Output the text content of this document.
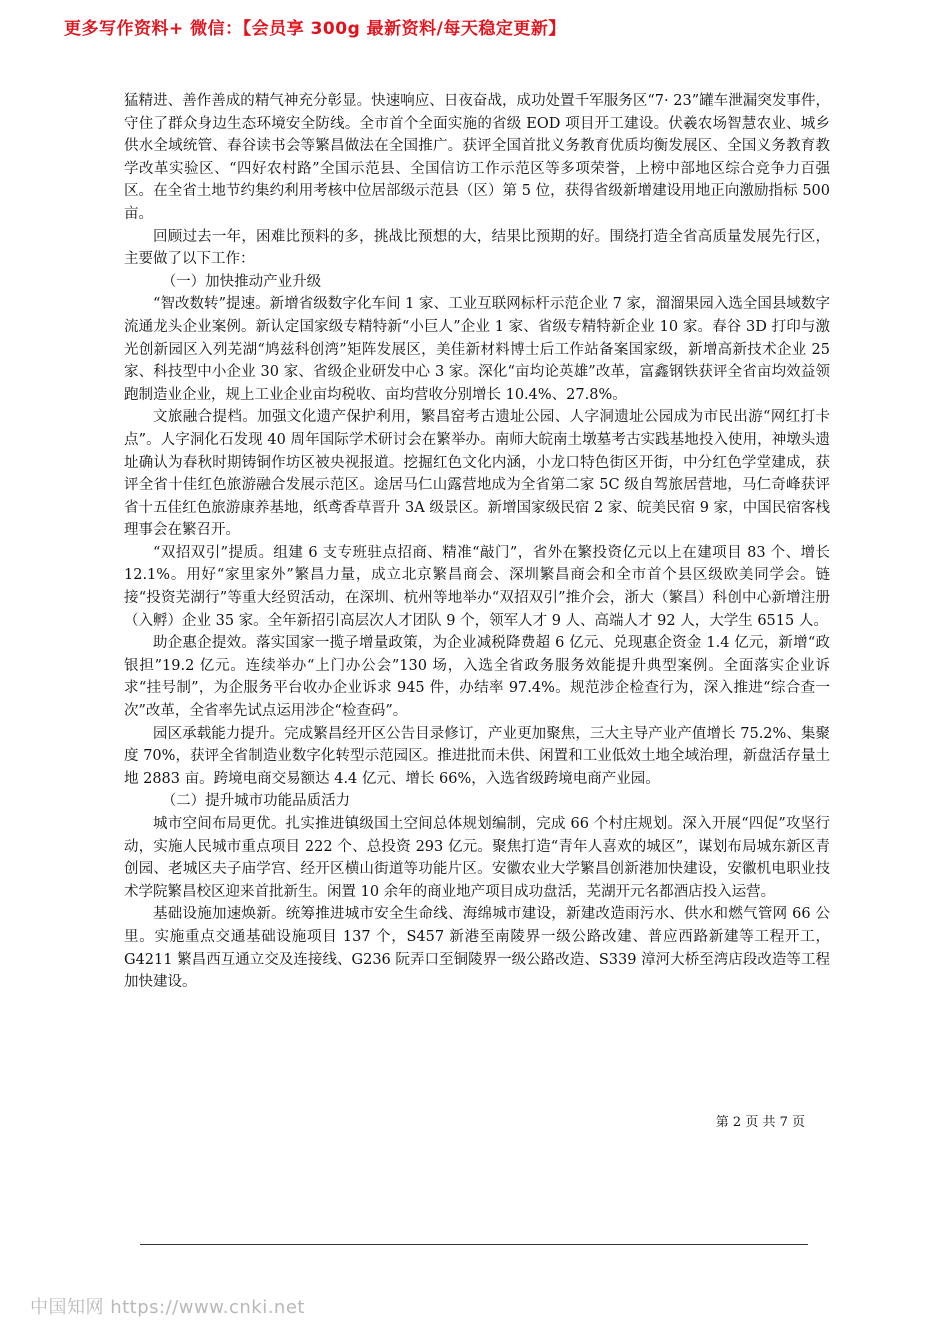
更多写作资料+ 微信：【会员享 300g 最新资料/每天稳定更新】

猛精进、善作善成的精气神充分彰显。快速响应、日夜奋战，成功处置千军服务区“7· 23”罐车泄漏突发事件，守住了群众身边生态环境安全防线。全市首个全面实施的省级 EOD 项目开工建设。伏羲农场智慧农业、城乡供水全域统管、春谷读书会等繁昌做法在全国推广。获评全国首批义务教育优质均衡发展区、全国义务教育教学改革实验区、“四好农村路”全国示范县、全国信访工作示范区等多项荣誉，上榜中部地区综合竞争力百强区。在全省土地节约集约利用考核中位居部级示范县（区）第 5 位，获得省级新增建设用地正向激励指标 500 亩。

回顾过去一年，困难比预料的多，挑战比预想的大，结果比预期的好。围绕打造全省高质量发展先行区，主要做了以下工作：

（一）加快推动产业升级

“智改数转”提速。新增省级数字化车间 1 家、工业互联网标杆示范企业 7 家，溜溜果园入选全国县域数字流通龙头企业案例。新认定国家级专精特新“小巨人”企业 1 家、省级专精特新企业 10 家。春谷 3D 打印与激光创新园区入列芜湖“鸠兹科创湾”矩阵发展区，美佳新材料博士后工作站备案国家级，新增高新技术企业 25 家、科技型中小企业 30 家、省级企业研发中心 3 家。深化“亩均论英雄”改革，富鑫钢铁获评全省亩均效益领跑制造业企业，规上工业企业亩均税收、亩均营收分别增长 10.4%、27.8%。

文旅融合提档。加强文化遗产保护利用，繁昌窑考古遗址公园、人字洞遗址公园成为市民出游“网红打卡点”。人字洞化石发现 40 周年国际学术研讨会在繁举办。南师大皖南土墩墓考古实践基地投入使用，神墩头遗址确认为春秋时期铸铜作坊区被央视报道。挖掘红色文化内涵，小龙口特色街区开街，中分红色学堂建成，获评全省十佳红色旅游融合发展示范区。途居马仁山露营地成为全省第二家 5C 级自驾旅居营地，马仁奇峰获评省十五佳红色旅游康养基地，纸鸢香草晋升 3A 级景区。新增国家级民宿 2 家、皖美民宿 9 家，中国民宿客栈理事会在繁召开。

“双招双引”提质。组建 6 支专班驻点招商、精准“敲门”，省外在繁投资亿元以上在建项目 83 个、增长 12.1%。用好“家里家外”繁昌力量，成立北京繁昌商会、深圳繁昌商会和全市首个县区级欧美同学会。链接“投资芜湖行”等重大经贸活动，在深圳、杭州等地举办“双招双引”推介会，浙大（繁昌）科创中心新增注册（入孵）企业 35 家。全年新招引高层次人才团队 9 个，领军人才 9 人、高端人才 92 人，大学生 6515 人。

助企惠企提效。落实国家一揽子增量政策，为企业减税降费超 6 亿元、兑现惠企资金 1.4 亿元，新增“政银担”19.2 亿元。连续举办“上门办公会”130 场，入选全省政务服务效能提升典型案例。全面落实企业诉求“挂号制”，为企服务平台收办企业诉求 945 件，办结率 97.4%。规范涉企检查行为，深入推进“综合查一次”改革，全省率先试点运用涉企“检查码”。

园区承载能力提升。完成繁昌经开区公告目录修订，产业更加聚焦，三大主导产业产值增长 75.2%、集聚度 70%，获评全省制造业数字化转型示范园区。推进批而未供、闲置和工业低效土地全域治理，新盘活存量土地 2883 亩。跨境电商交易额达 4.4 亿元、增长 66%，入选省级跨境电商产业园。

（二）提升城市功能品质活力

城市空间布局更优。扎实推进镇级国土空间总体规划编制，完成 66 个村庄规划。深入开展“四促”攻坚行动，实施人民城市重点项目 222 个、总投资 293 亿元。聚焦打造“青年人喜欢的城区”，谋划布局城东新区青创园、老城区夫子庙学宫、经开区横山街道等功能片区。安徽农业大学繁昌创新港加快建设，安徽机电职业技术学院繁昌校区迎来首批新生。闲置 10 余年的商业地产项目成功盘活，芜湖开元名都酒店投入运营。

基础设施加速焕新。统筹推进城市安全生命线、海绵城市建设，新建改造雨污水、供水和燃气管网 66 公里。实施重点交通基础设施项目 137 个，S457 新港至南陵界一级公路改建、普应西路新建等工程开工，G4211 繁昌西互通立交及连接线、G236 阮弄口至铜陵界一级公路改造、S339 漳河大桥至湾店段改造等工程加快建设。

第 2 页 共 7 页
中国知网 https://www.cnki.net
